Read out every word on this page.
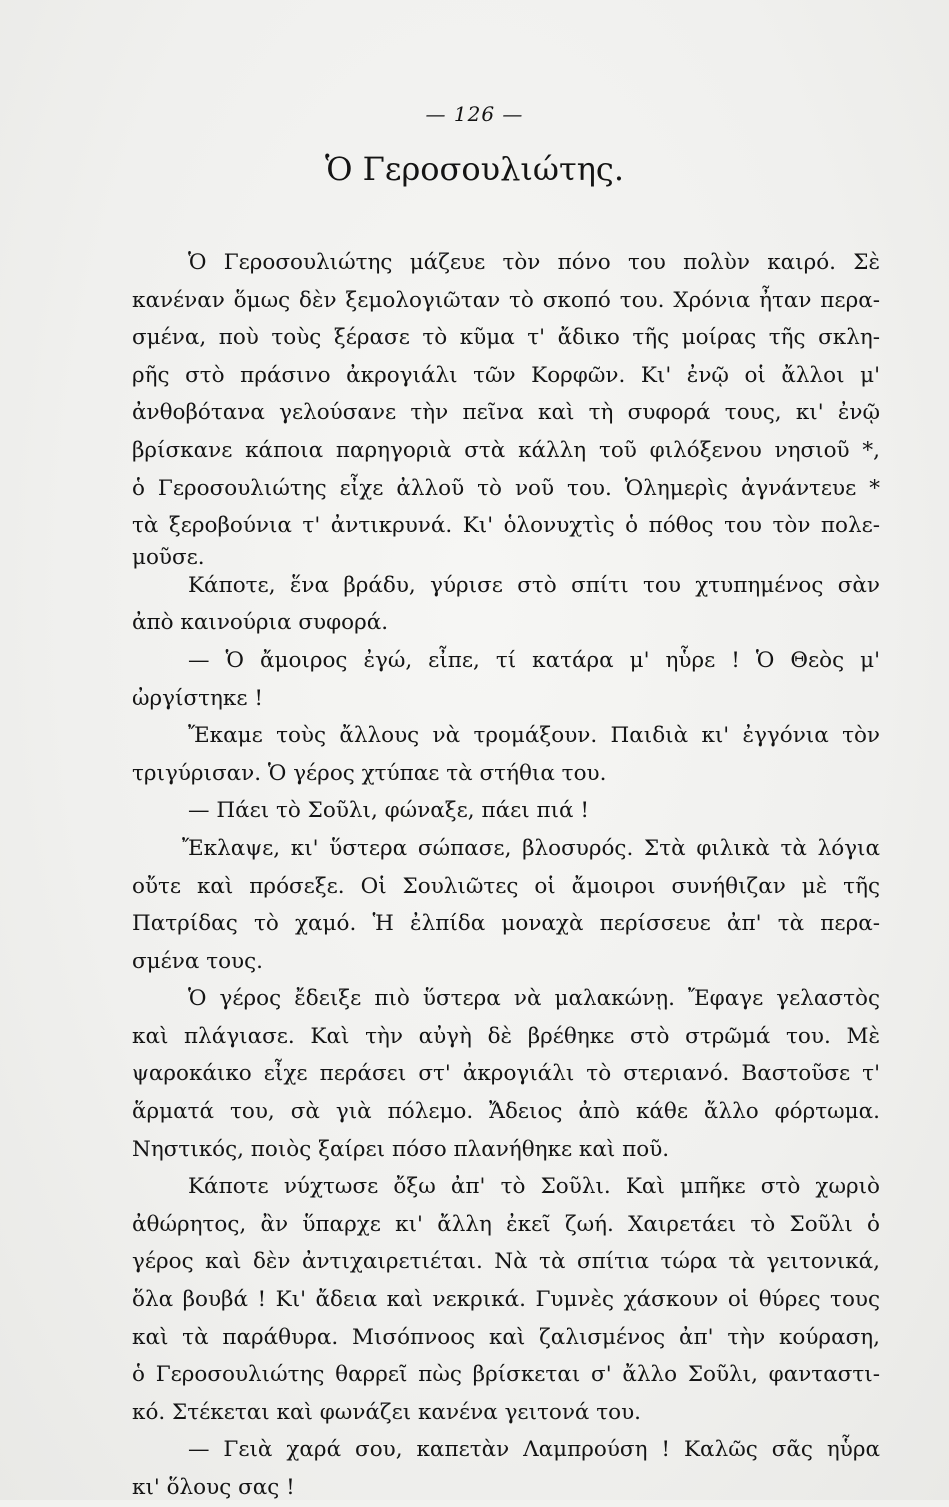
— 126 —
Ὁ Γεροσουλιώτης.
Ὁ Γεροσουλιώτης μάζευε τὸν πόνο του πολὺν καιρό. Σὲ
κανέναν ὅμως δὲν ξεμολογιῶταν τὸ σκοπό του. Χρόνια ἦταν περα-
σμένα, ποὺ τοὺς ξέρασε τὸ κῦμα τ' ἄδικο τῆς μοίρας τῆς σκλη-
ρῆς στὸ πράσινο ἀκρογιάλι τῶν Κορφῶν. Κι' ἐνῷ οἱ ἄλλοι μ'
ἀνθοβότανα γελούσανε τὴν πεῖνα καὶ τὴ συφορά τους, κι' ἐνῷ
βρίσκανε κάποια παρηγοριὰ στὰ κάλλη τοῦ φιλόξενου νησιοῦ *,
ὁ Γεροσουλιώτης εἶχε ἀλλοῦ τὸ νοῦ του. Ὁλημερὶς ἀγνάντευε *
τὰ ξεροβούνια τ' ἀντικρυνά. Κι' ὁλονυχτὶς ὁ πόθος του τὸν πολε-
μοῦσε.
Κάποτε, ἕνα βράδυ, γύρισε στὸ σπίτι του χτυπημένος σὰν
ἀπὸ καινούρια συφορά.
— Ὁ ἄμοιρος ἐγώ, εἶπε, τί κατάρα μ' ηὗρε ! Ὁ Θεὸς μ'
ὠργίστηκε !
Ἔκαμε τοὺς ἄλλους νὰ τρομάξουν. Παιδιὰ κι' ἐγγόνια τὸν
τριγύρισαν. Ὁ γέρος χτύπαε τὰ στήθια του.
— Πάει τὸ Σοῦλι, φώναξε, πάει πιά !
Ἔκλαψε, κι' ὕστερα σώπασε, βλοσυρός. Στὰ φιλικὰ τὰ λόγια
οὔτε καὶ πρόσεξε. Οἱ Σουλιῶτες οἱ ἄμοιροι συνήθιζαν μὲ τῆς
Πατρίδας τὸ χαμό. Ἡ ἐλπίδα μοναχὰ περίσσευε ἀπ' τὰ περα-
σμένα τους.
Ὁ γέρος ἔδειξε πιὸ ὕστερα νὰ μαλακώνῃ. Ἔφαγε γελαστὸς
καὶ πλάγιασε. Καὶ τὴν αὐγὴ δὲ βρέθηκε στὸ στρῶμά του. Μὲ
ψαροκάικο εἶχε περάσει στ' ἀκρογιάλι τὸ στεριανό. Βαστοῦσε τ'
ἅρματά του, σὰ γιὰ πόλεμο. Ἄδειος ἀπὸ κάθε ἄλλο φόρτωμα.
Νηστικός, ποιὸς ξαίρει πόσο πλανήθηκε καὶ ποῦ.
Κάποτε νύχτωσε ὄξω ἀπ' τὸ Σοῦλι. Καὶ μπῆκε στὸ χωριὸ
ἀθώρητος, ἂν ὕπαρχε κι' ἄλλη ἐκεῖ ζωή. Χαιρετάει τὸ Σοῦλι ὁ
γέρος καὶ δὲν ἀντιχαιρετιέται. Νὰ τὰ σπίτια τώρα τὰ γειτονικά,
ὅλα βουβά ! Κι' ἄδεια καὶ νεκρικά. Γυμνὲς χάσκουν οἱ θύρες τους
καὶ τὰ παράθυρα. Μισόπνοος καὶ ζαλισμένος ἀπ' τὴν κούραση,
ὁ Γεροσουλιώτης θαρρεῖ πὼς βρίσκεται σ' ἄλλο Σοῦλι, φανταστι-
κό. Στέκεται καὶ φωνάζει κανένα γειτονά του.
— Γειὰ χαρά σου, καπετὰν Λαμπρούση ! Καλῶς σᾶς ηὗρα
κι' ὅλους σας !
